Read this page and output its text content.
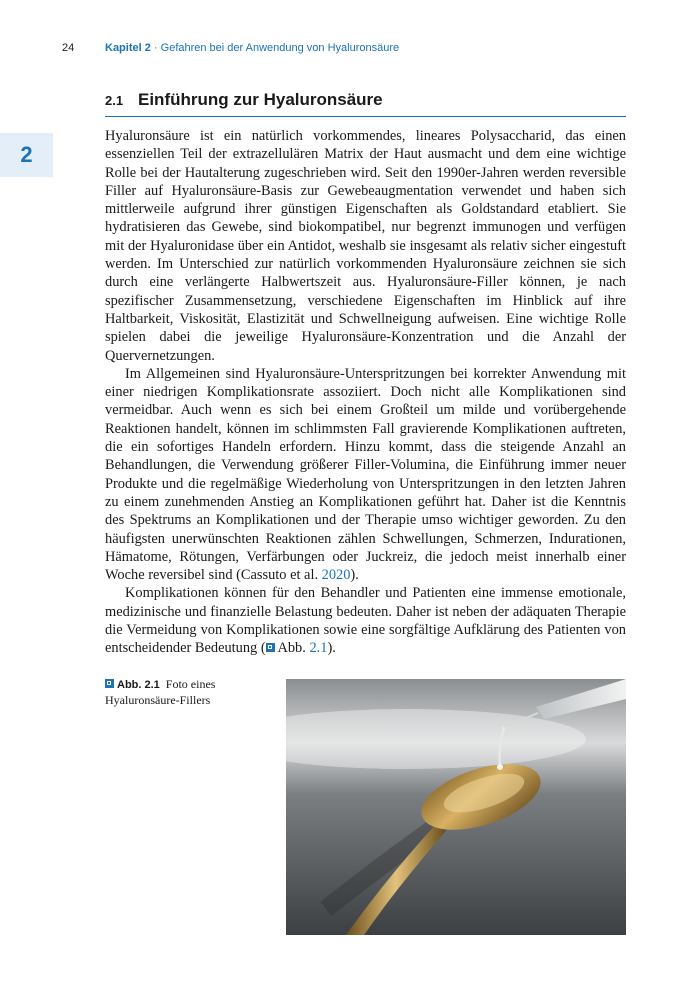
24	Kapitel 2 · Gefahren bei der Anwendung von Hyaluronsäure
2
2.1 Einführung zur Hyaluronsäure

Hyaluronsäure ist ein natürlich vorkommendes, lineares Polysaccharid, das einen essenziellen Teil der extrazellulären Matrix der Haut ausmacht und dem eine wichtige Rolle bei der Hautalterung zugeschrieben wird. Seit den 1990er-Jahren werden reversible Filler auf Hyaluronsäure-Basis zur Gewebeaugmentation verwendet und haben sich mittlerweile aufgrund ihrer günstigen Eigenschaften als Goldstandard etabliert. Sie hydratisieren das Gewebe, sind biokompatibel, nur begrenzt immunogen und verfügen mit der Hyaluronidase über ein Antidot, weshalb sie insgesamt als relativ sicher eingestuft werden. Im Unterschied zur natürlich vorkommenden Hyaluronsäure zeichnen sie sich durch eine verlängerte Halbwertszeit aus. Hyaluronsäure-Filler können, je nach spezifischer Zusammensetzung, verschiedene Eigenschaften im Hinblick auf ihre Haltbarkeit, Viskosität, Elastizität und Schwellneigung aufweisen. Eine wichtige Rolle spielen dabei die jeweilige Hyaluronsäure-Konzentration und die Anzahl der Quervernetzungen.

Im Allgemeinen sind Hyaluronsäure-Unterspritzungen bei korrekter Anwendung mit einer niedrigen Komplikationsrate assoziiert. Doch nicht alle Komplikationen sind vermeidbar. Auch wenn es sich bei einem Großteil um milde und vorübergehende Reaktionen handelt, können im schlimmsten Fall gravierende Komplikationen auftreten, die ein sofortiges Handeln erfordern. Hinzu kommt, dass die steigende Anzahl an Behandlungen, die Verwendung größerer Filler-Volumina, die Einführung immer neuer Produkte und die regelmäßige Wiederholung von Unterspritzungen in den letzten Jahren zu einem zunehmenden Anstieg an Komplikationen geführt hat. Daher ist die Kenntnis des Spektrums an Komplikationen und der Therapie umso wichtiger geworden. Zu den häufigsten unerwünschten Reaktionen zählen Schwellungen, Schmerzen, Indurationen, Hämatome, Rötungen, Verfärbungen oder Juckreiz, die jedoch meist innerhalb einer Woche reversibel sind (Cassuto et al. 2020).

Komplikationen können für den Behandler und Patienten eine immense emotionale, medizinische und finanzielle Belastung bedeuten. Daher ist neben der adäquaten Therapie die Vermeidung von Komplikationen sowie eine sorgfältige Aufklärung des Patienten von entscheidender Bedeutung ( Abb. 2.1).

Abb. 2.1 Foto eines Hyaluronsäure-Fillers
